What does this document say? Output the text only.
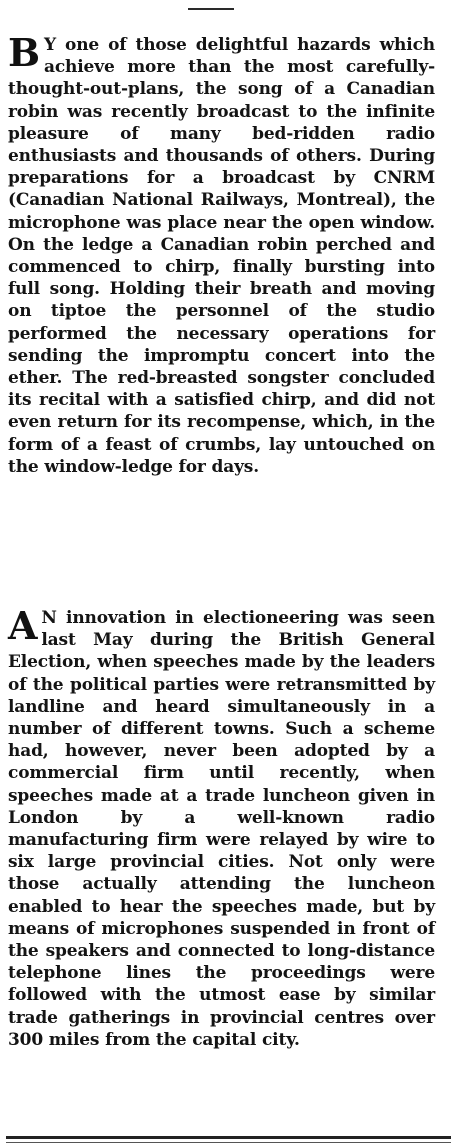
B Y one of those delightful hazards which achieve more than the most carefully-thought-out-plans, the song of a Canadian robin was recently broadcast to the infinite pleasure of many bed-ridden radio enthusiasts and thousands of others. During preparations for a broadcast by CNRM (Canadian National Railways, Montreal), the microphone was place near the open window. On the ledge a Canadian robin perched and commenced to chirp, finally bursting into full song. Holding their breath and moving on tiptoe the personnel of the studio performed the necessary operations for sending the impromptu concert into the ether. The red-breasted songster concluded its recital with a satisfied chirp, and did not even return for its recompense, which, in the form of a feast of crumbs, lay untouched on the window-ledge for days.

A N innovation in electioneering was seen last May during the British General Election, when speeches made by the leaders of the political parties were retransmitted by landline and heard simultaneously in a number of different towns. Such a scheme had, however, never been adopted by a commercial firm until recently, when speeches made at a trade luncheon given in London by a well-known radio manufacturing firm were relayed by wire to six large provincial cities. Not only were those actually attending the luncheon enabled to hear the speeches made, but by means of microphones suspended in front of the speakers and connected to long-distance telephone lines the proceedings were followed with the utmost ease by similar trade gatherings in provincial centres over 300 miles from the capital city.
